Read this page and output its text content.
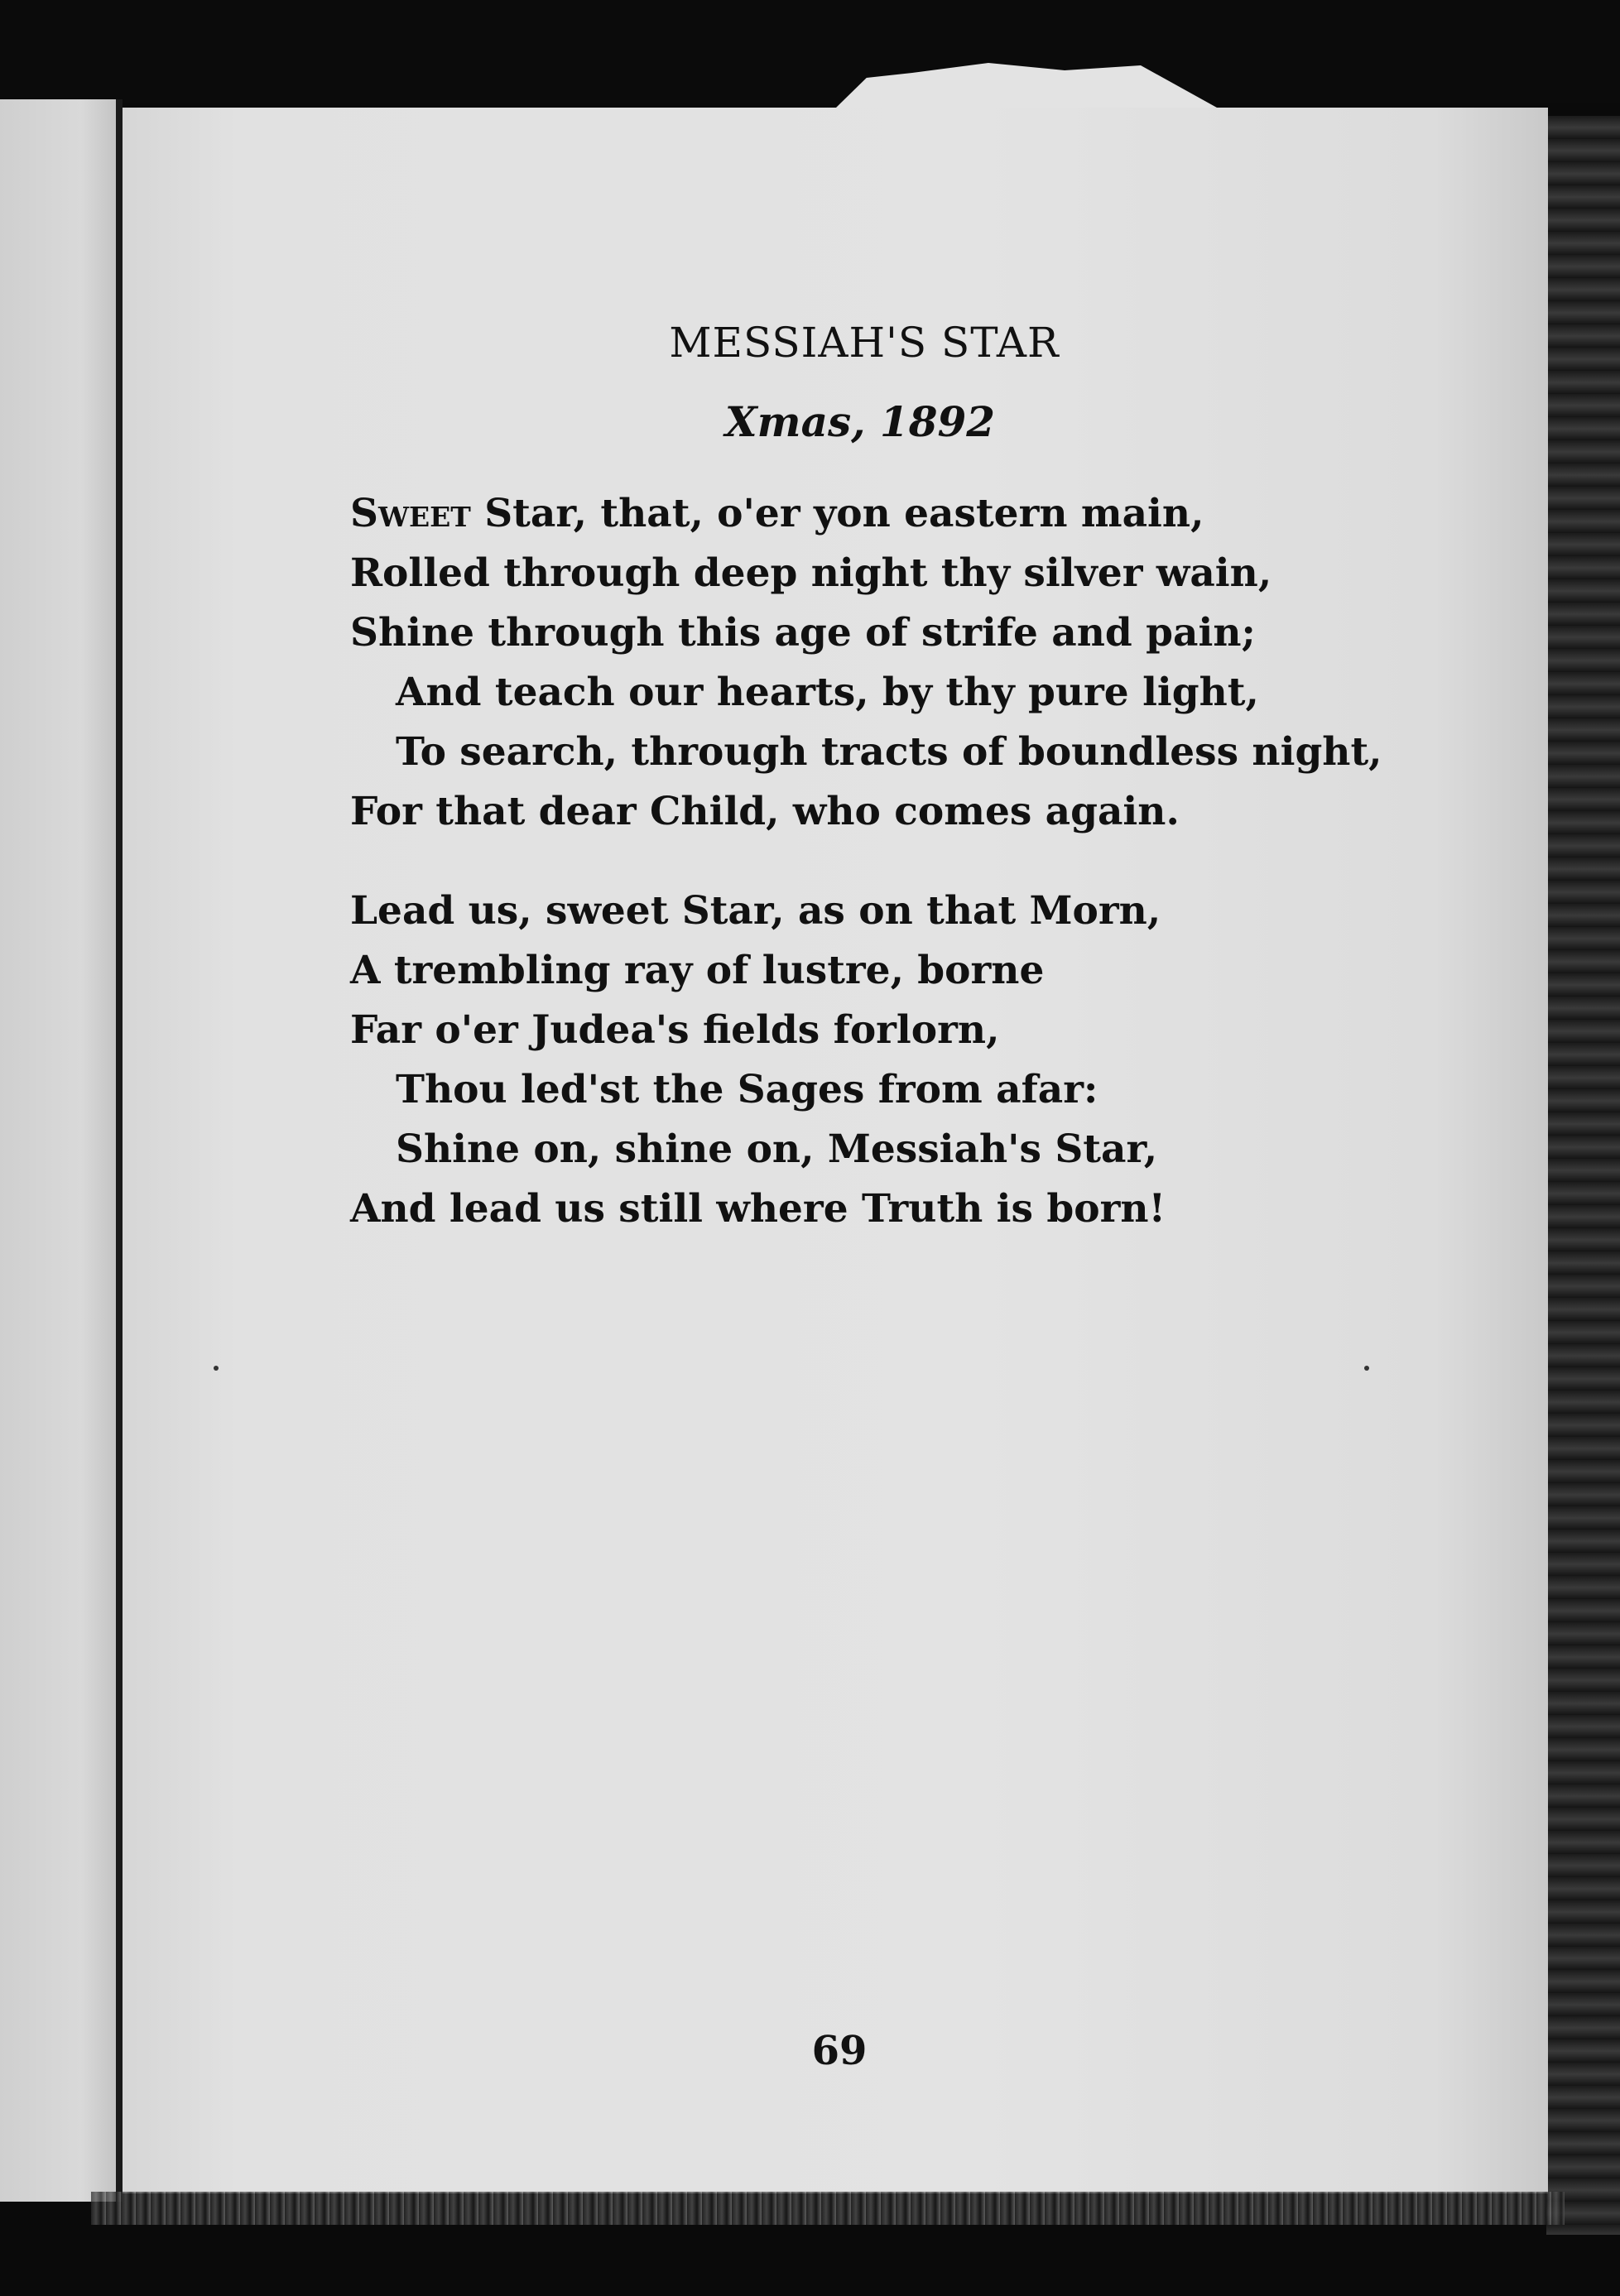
MESSIAH'S STAR
Xmas, 1892
Sweet Star, that, o'er yon eastern main,
Rolled through deep night thy silver wain,
Shine through this age of strife and pain;
And teach our hearts, by thy pure light,
To search, through tracts of boundless night,
For that dear Child, who comes again.
Lead us, sweet Star, as on that Morn,
A trembling ray of lustre, borne
Far o'er Judea's fields forlorn,
Thou led'st the Sages from afar:
Shine on, shine on, Messiah's Star,
And lead us still where Truth is born!
69
